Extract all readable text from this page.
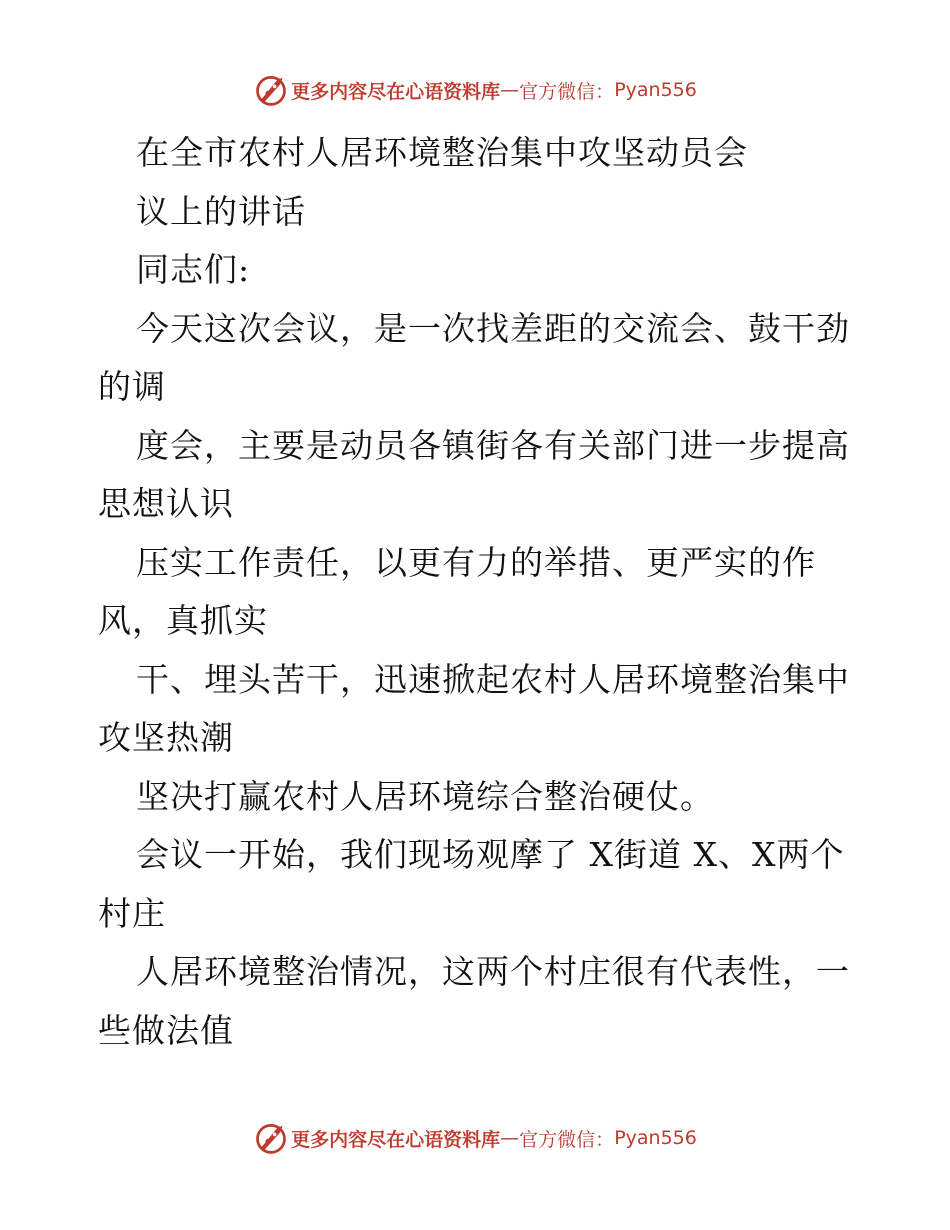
更多内容尽在心语资料库 — 官方微信： Pyan556
在全市农村人居环境整治集中攻坚动员会
议上的讲话
同志们:
今天这次会议，是一次找差距的交流会、鼓干劲
的调
度会，主要是动员各镇街各有关部门进一步提高
思想认识
压实工作责任，以更有力的举措、更严实的作
风，真抓实
干、埋头苦干，迅速掀起农村人居环境整治集中
攻坚热潮
坚决打赢农村人居环境综合整治硬仗。
会议一开始，我们现场观摩了 X街道 X、X两个
村庄
人居环境整治情况，这两个村庄很有代表性，一
些做法值
更多内容尽在心语资料库 — 官方微信： Pyan556
